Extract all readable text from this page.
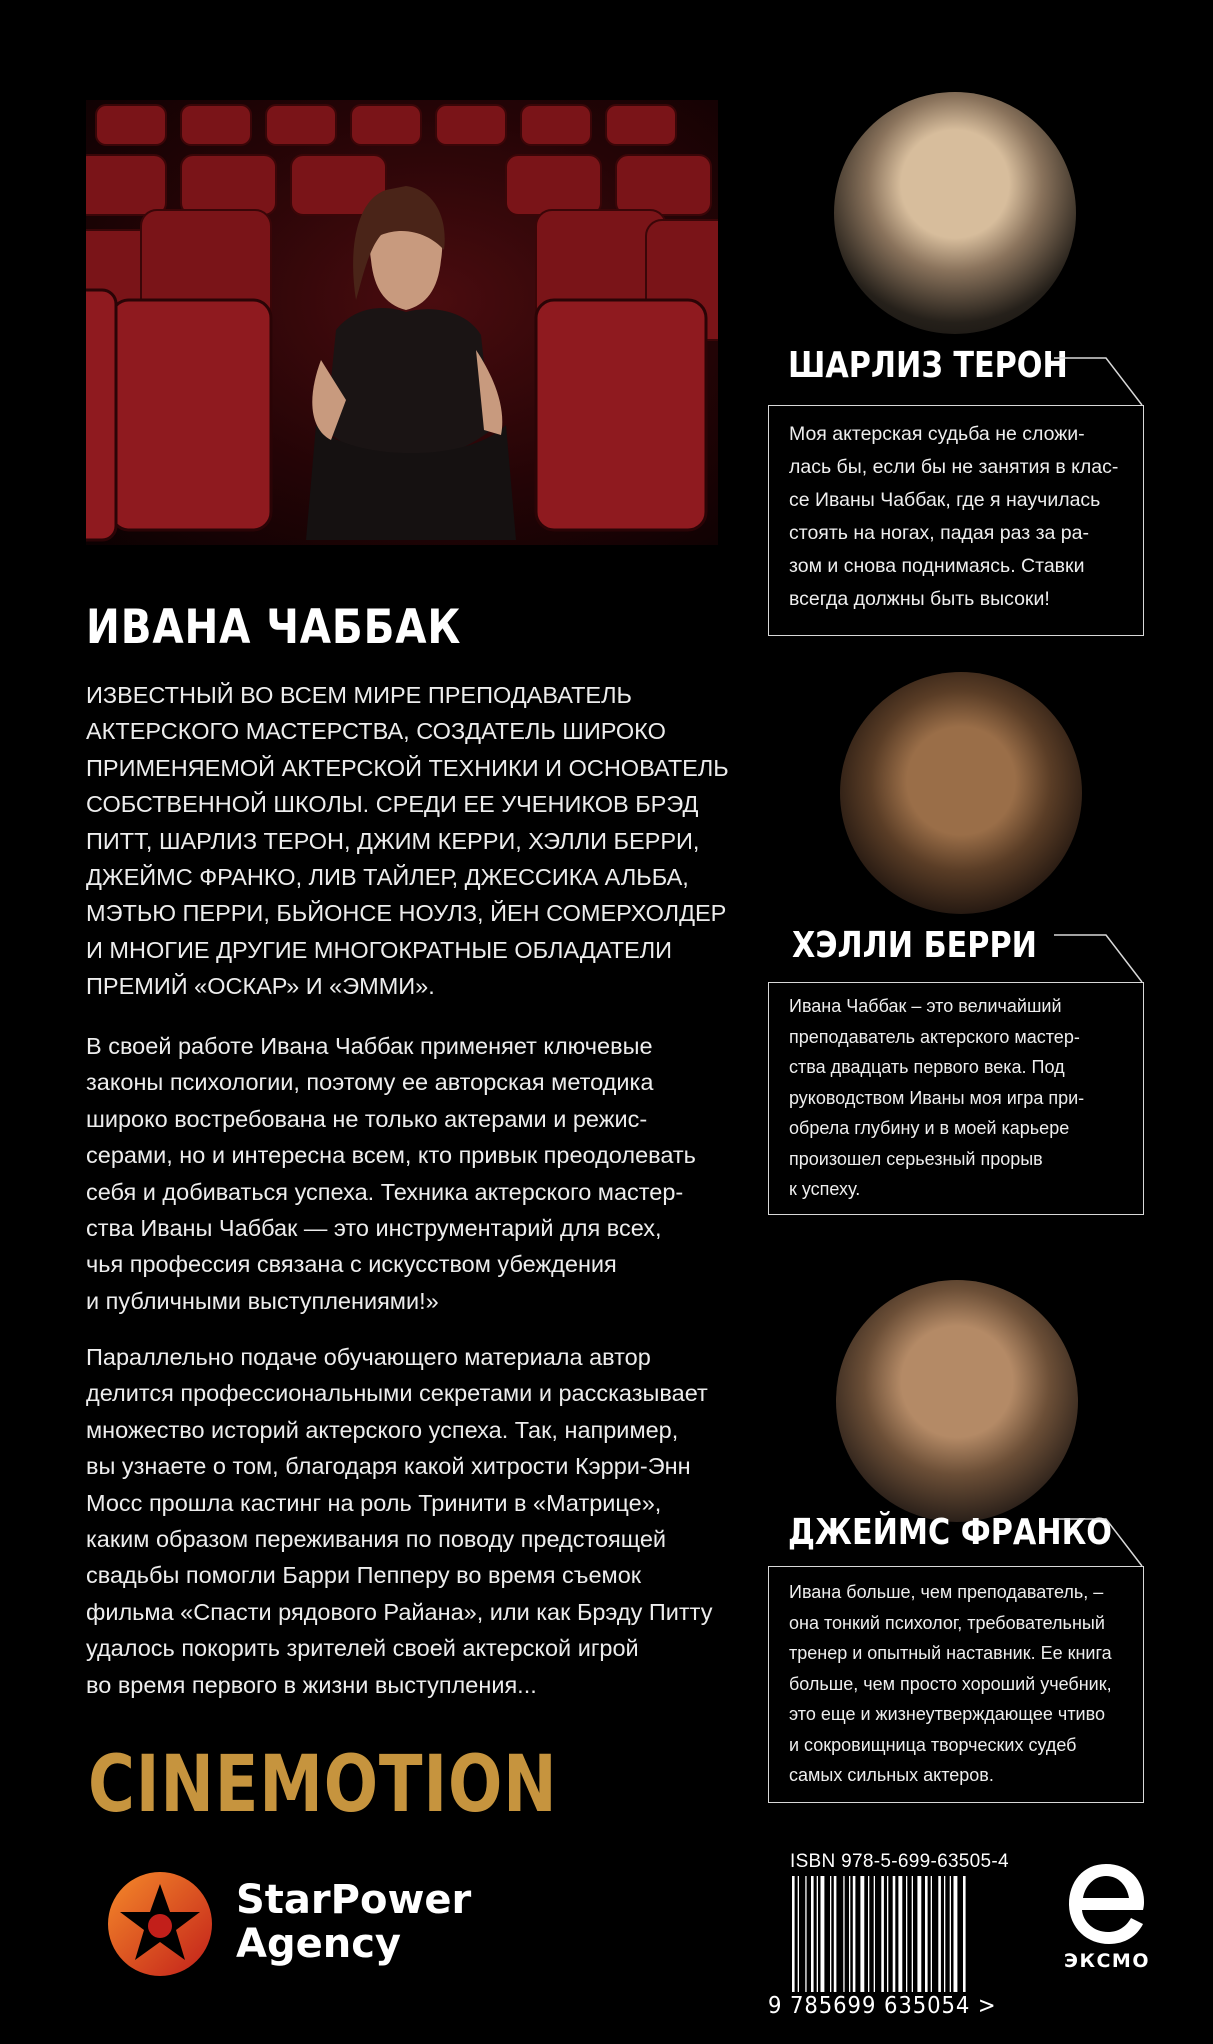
ИВАНА ЧАББАК

ИЗВЕСТНЫЙ ВО ВСЕМ МИРЕ ПРЕПОДАВАТЕЛЬ
АКТЕРСКОГО МАСТЕРСТВА, СОЗДАТЕЛЬ ШИРОКО
ПРИМЕНЯЕМОЙ АКТЕРСКОЙ ТЕХНИКИ И ОСНОВАТЕЛЬ
СОБСТВЕННОЙ ШКОЛЫ. СРЕДИ ЕЕ УЧЕНИКОВ БРЭД
ПИТТ, ШАРЛИЗ ТЕРОН, ДЖИМ КЕРРИ, ХЭЛЛИ БЕРРИ,
ДЖЕЙМС ФРАНКО, ЛИВ ТАЙЛЕР, ДЖЕССИКА АЛЬБА,
МЭТЬЮ ПЕРРИ, БЬЙОНСЕ НОУЛЗ, ЙЕН СОМЕРХОЛДЕР
И МНОГИЕ ДРУГИЕ МНОГОКРАТНЫЕ ОБЛАДАТЕЛИ
ПРЕМИЙ «ОСКАР» И «ЭММИ».

В своей работе Ивана Чаббак применяет ключевые
законы психологии, поэтому ее авторская методика
широко востребована не только актерами и режис-
серами, но и интересна всем, кто привык преодолевать
себя и добиваться успеха. Техника актерского мастер-
ства Иваны Чаббак — это инструментарий для всех,
чья профессия связана с искусством убеждения
и публичными выступлениями!»

Параллельно подаче обучающего материала автор
делится профессиональными секретами и рассказывает
множество историй актерского успеха. Так, например,
вы узнаете о том, благодаря какой хитрости Кэрри-Энн
Мосс прошла кастинг на роль Тринити в «Матрице»,
каким образом переживания по поводу предстоящей
свадьбы помогли Барри Пепперу во время съемок
фильма «Спасти рядового Райана», или как Брэду Питту
удалось покорить зрителей своей актерской игрой
во время первого в жизни выступления...

CINEMOTION

StarPower
Agency

ШАРЛИЗ ТЕРОН

Моя актерская судьба не сложи-
лась бы, если бы не занятия в клас-
се Иваны Чаббак, где я научилась
стоять на ногах, падая раз за ра-
зом и снова поднимаясь. Ставки
всегда должны быть высоки!

ХЭЛЛИ БЕРРИ

Ивана Чаббак – это величайший
преподаватель актерского мастер-
ства двадцать первого века. Под
руководством Иваны моя игра при-
обрела глубину и в моей карьере
произошел серьезный прорыв
к успеху.

ДЖЕЙМС ФРАНКО

Ивана больше, чем преподаватель, –
она тонкий психолог, требовательный
тренер и опытный наставник. Ее книга
больше, чем просто хороший учебник,
это еще и жизнеутверждающее чтиво
и сокровищница творческих судеб
самых сильных актеров.

ISBN 978-5-699-63505-4

9 785699 635054 >

ЭКСМО
